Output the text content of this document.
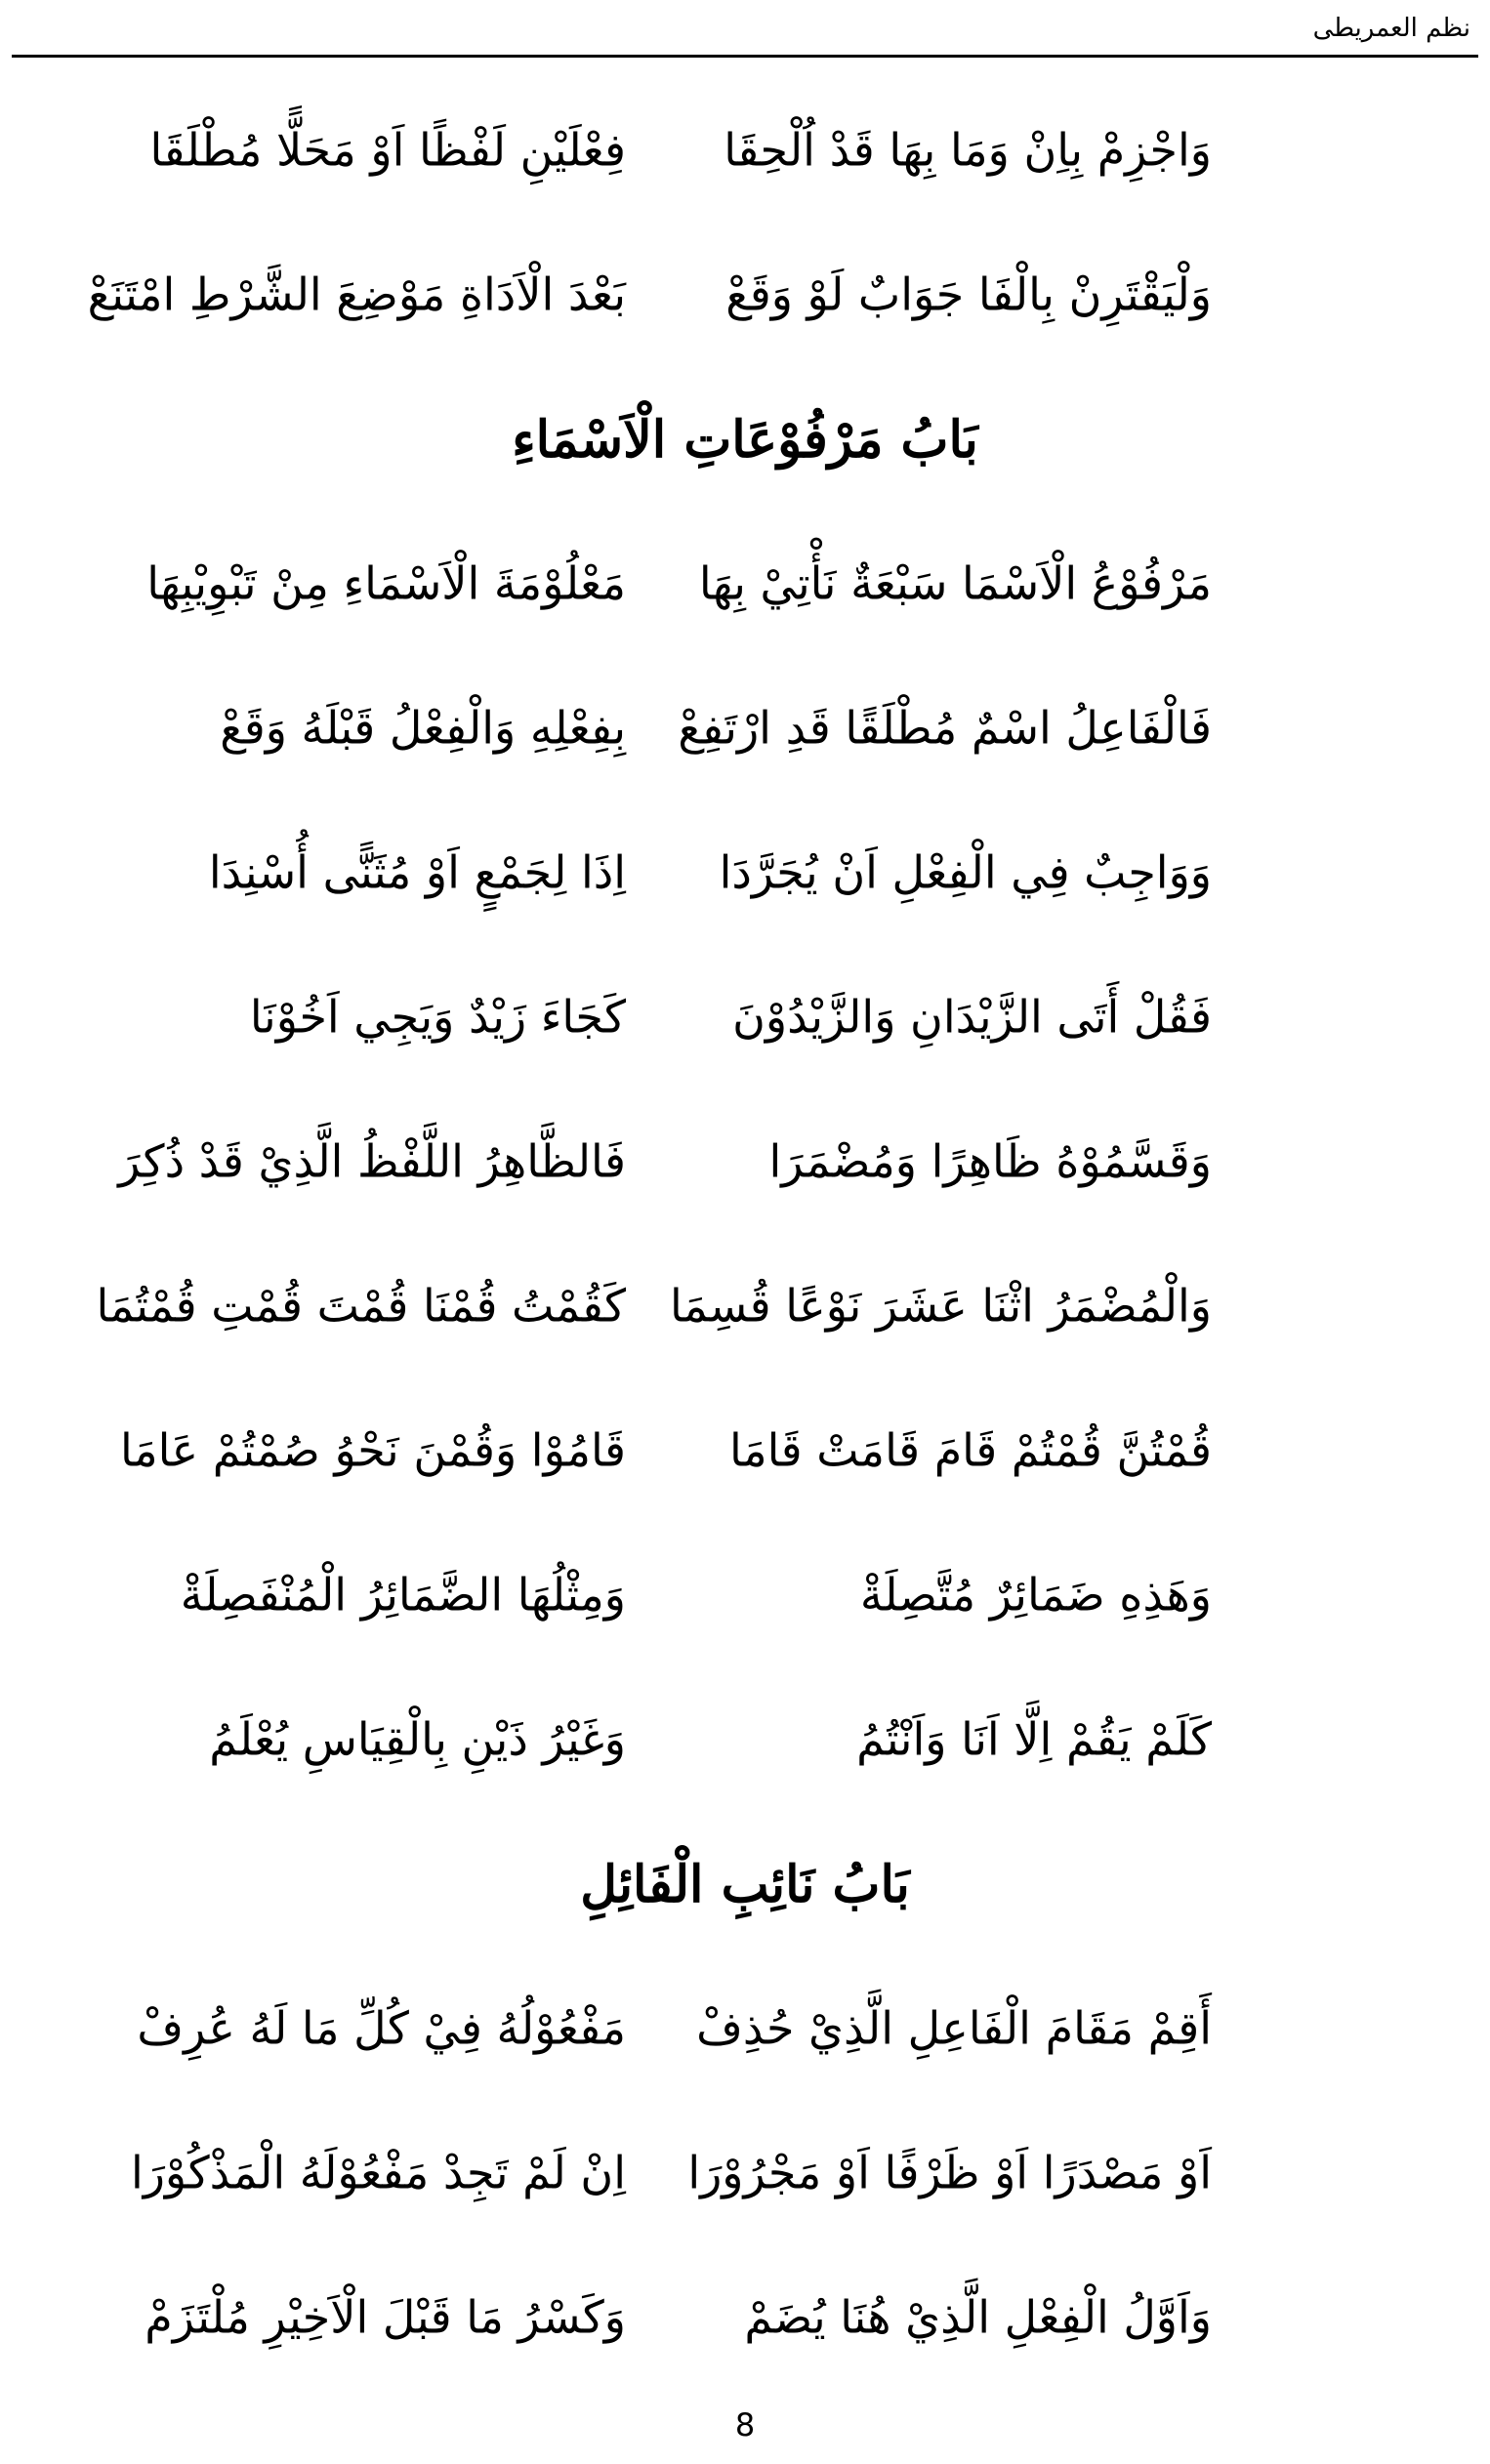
نظم العمريطى
وَاجْزِمْ بِاِنْ وَمَا بِهَا قَدْ اُلْحِقَا
فِعْلَيْنِ لَفْظًا اَوْ مَحَلًّا مُطْلَقَا
وَلْيَقْتَرِنْ بِالْفَا جَوَابٌ لَوْ وَقَعْ
بَعْدَ الْاَدَاةِ مَوْضِعَ الشَّرْطِ امْتَنَعْ
بَابُ مَرْفُوْعَاتِ الْاَسْمَاءِ
مَرْفُوْعُ الْاَسْمَا سَبْعَةٌ نَأْتِيْ بِهَا
مَعْلُوْمَةَ الْاَسْمَاءِ مِنْ تَبْوِيْبِهَا
فَالْفَاعِلُ اسْمٌ مُطْلَقًا قَدِ ارْتَفِعْ
بِفِعْلِهِ وَالْفِعْلُ قَبْلَهُ وَقَعْ
وَوَاجِبٌ فِي الْفِعْلِ اَنْ يُجَرَّدَا
اِذَا لِجَمْعٍ اَوْ مُثَنًّى أُسْنِدَا
فَقُلْ أَتَى الزَّيْدَانِ وَالزَّيْدُوْنَ
كَجَاءَ زَيْدٌ وَيَجِي اَخُوْنَا
وَقَسَّمُوْهُ ظَاهِرًا وَمُضْمَرَا
فَالظَّاهِرُ اللَّفْظُ الَّذِيْ قَدْ ذُكِرَ
وَالْمُضْمَرُ اثْنَا عَشَرَ نَوْعًا قُسِمَا
كَقُمْتُ قُمْنَا قُمْتَ قُمْتِ قُمْتُمَا
قُمْتُنَّ قُمْتُمْ قَامَ قَامَتْ قَامَا
قَامُوْا وَقُمْنَ نَحْوُ صُمْتُمْ عَامَا
وَهَذِهِ ضَمَائِرٌ مُتَّصِلَةْ
وَمِثْلُهَا الضَّمَائِرُ الْمُنْفَصِلَةْ
كَلَمْ يَقُمْ اِلَّا اَنَا وَاَنْتُمُ
وَغَيْرُ ذَيْنِ بِالْقِيَاسِ يُعْلَمُ
بَابُ نَائِبِ الْفَائِلِ
أَقِمْ مَقَامَ الْفَاعِلِ الَّذِيْ حُذِفْ
مَفْعُوْلُهُ فِيْ كُلِّ مَا لَهُ عُرِفْ
اَوْ مَصْدَرًا اَوْ ظَرْفًا اَوْ مَجْرُوْرَا
اِنْ لَمْ تَجِدْ مَفْعُوْلَهُ الْمَذْكُوْرَا
وَاَوَّلُ الْفِعْلِ الَّذِيْ هُنَا يُضَمْ
وَكَسْرُ مَا قَبْلَ الْاَخِيْرِ مُلْتَزَمْ
8
